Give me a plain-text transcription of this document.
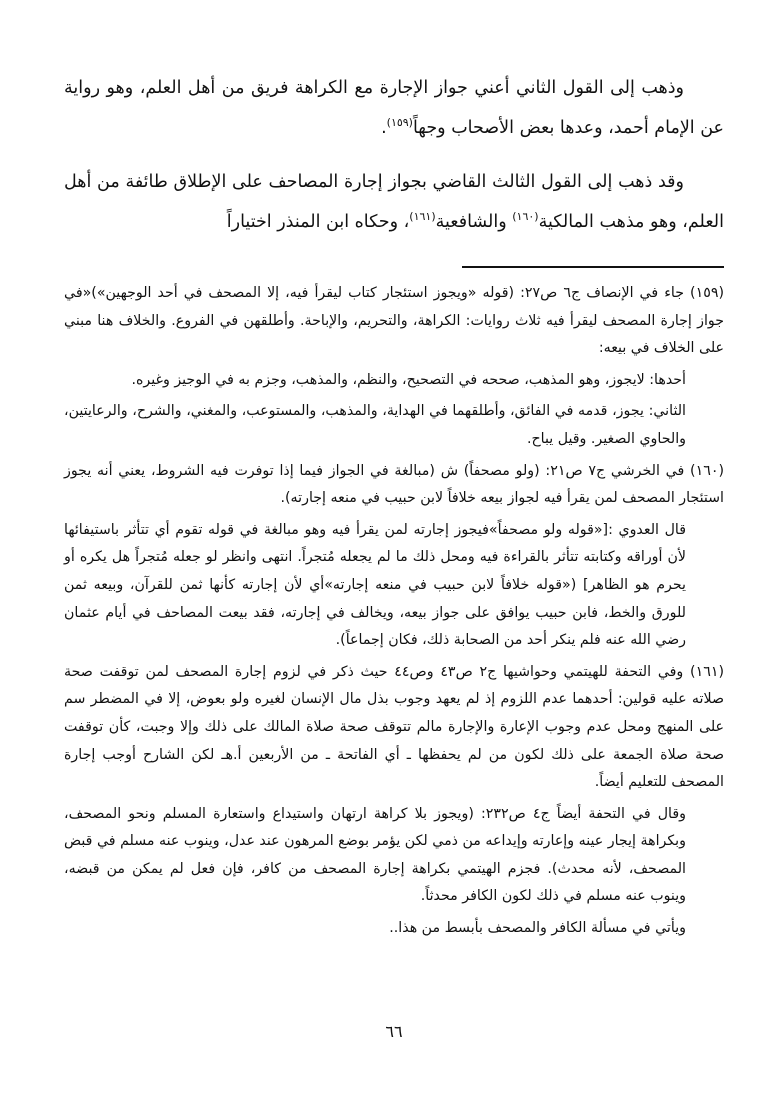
وذهب إلى القول الثاني أعني جواز الإجارة مع الكراهة فريق من أهل العلم، وهو رواية عن الإمام أحمد، وعدها بعض الأصحاب وجهاً$^{(١٥٩)}$.

وقد ذهب إلى القول الثالث القاضي بجواز إجارة المصاحف على الإطلاق طائفة من أهل العلم، وهو مذهب المالكية$^{(١٦٠)}$ والشافعية$^{(١٦١)}$، وحكاه ابن المنذر اختياراً

(١٥٩) جاء في الإنصاف ج٦ ص٢٧: (قوله «ويجوز استئجار كتاب ليقرأ فيه، إلا المصحف في أحد الوجهين»)«في جواز إجارة المصحف ليقرأ فيه ثلاث روايات: الكراهة، والتحريم، والإباحة. وأطلقهن في الفروع. والخلاف هنا مبني على الخلاف في بيعه:

أحدها: لايجوز، وهو المذهب، صححه في التصحيح، والنظم، والمذهب، وجزم به في الوجيز وغيره.

الثاني: يجوز، قدمه في الفائق، وأطلقهما في الهداية، والمذهب، والمستوعب، والمغني، والشرح، والرعايتين، والحاوي الصغير. وقيل يباح.

(١٦٠) في الخرشي ج٧ ص٢١: (ولو مصحفاً) ش (مبالغة في الجواز فيما إذا توفرت فيه الشروط، يعني أنه يجوز استئجار المصحف لمن يقرأ فيه لجواز بيعه خلافاً لابن حبيب في منعه إجارته).

قال العدوي :[«قوله ولو مصحفاً»فيجوز إجارته لمن يقرأ فيه وهو مبالغة في قوله تقوم أي تتأثر باستيفائها لأن أوراقه وكتابته تتأثر بالقراءة فيه ومحل ذلك ما لم يجعله مُتجراً. انتهى وانظر لو جعله مُتجراً هل يكره أو يحرم هو الظاهر] («قوله خلافاً لابن حبيب في منعه إجارته»أي لأن إجارته كأنها ثمن للقرآن، وبيعه ثمن للورق والخط، فابن حبيب يوافق على جواز بيعه، ويخالف في إجارته، فقد بيعت المصاحف في أيام عثمان رضي الله عنه فلم ينكر أحد من الصحابة ذلك، فكان إجماعاً).

(١٦١) وفي التحفة للهيتمي وحواشيها ج٢ ص٤٣ وص٤٤ حيث ذكر في لزوم إجارة المصحف لمن توقفت صحة صلاته عليه قولين: أحدهما عدم اللزوم إذ لم يعهد وجوب بذل مال الإنسان لغيره ولو بعوض، إلا في المضطر سم على المنهج ومحل عدم وجوب الإعارة والإجارة مالم تتوقف صحة صلاة المالك على ذلك وإلا وجبت، كأن توقفت صحة صلاة الجمعة على ذلك لكون من لم يحفظها ـ أي الفاتحة ـ من الأربعين أ.هـ لكن الشارح أوجب إجارة المصحف للتعليم أيضاً.

وقال في التحفة أيضاً ج٤ ص٢٣٢: (ويجوز بلا كراهة ارتهان واستيداع واستعارة المسلم ونحو المصحف، وبكراهة إيجار عينه وإعارته وإيداعه من ذمي لكن يؤمر بوضع المرهون عند عدل، وينوب عنه مسلم في قبض المصحف، لأنه محدث). فجزم الهيتمي بكراهة إجارة المصحف من كافر، فإن فعل لم يمكن من قبضه، وينوب عنه مسلم في ذلك لكون الكافر محدثاً.

ويأتي في مسألة الكافر والمصحف بأبسط من هذا..

٦٦
